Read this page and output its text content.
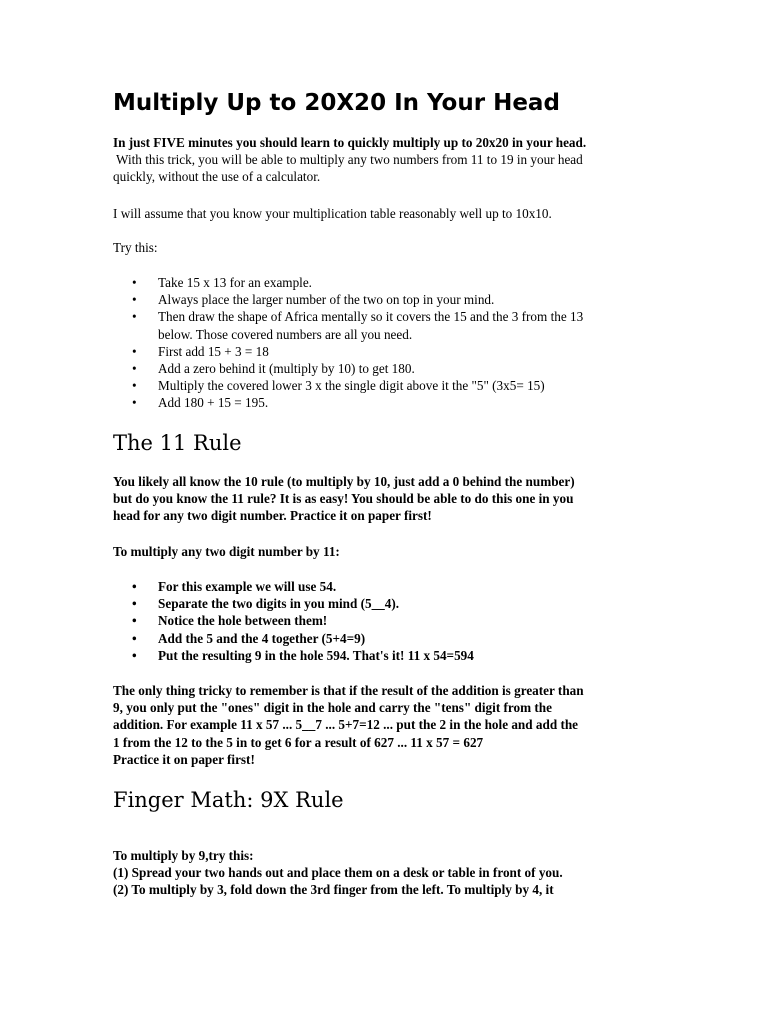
Multiply Up to 20X20 In Your Head

In just FIVE minutes you should learn to quickly multiply up to 20x20 in your head.
With this trick, you will be able to multiply any two numbers from 11 to 19 in your head
quickly, without the use of a calculator.

I will assume that you know your multiplication table reasonably well up to 10x10.

Try this:

• Take 15 x 13 for an example.
• Always place the larger number of the two on top in your mind.
• Then draw the shape of Africa mentally so it covers the 15 and the 3 from the 13
below. Those covered numbers are all you need.
• First add 15 + 3 = 18
• Add a zero behind it (multiply by 10) to get 180.
• Multiply the covered lower 3 x the single digit above it the "5" (3x5= 15)
• Add 180 + 15 = 195.
The 11 Rule

You likely all know the 10 rule (to multiply by 10, just add a 0 behind the number)
but do you know the 11 rule? It is as easy! You should be able to do this one in you
head for any two digit number. Practice it on paper first!

To multiply any two digit number by 11:

• For this example we will use 54.
• Separate the two digits in you mind (5__4).
• Notice the hole between them!
• Add the 5 and the 4 together (5+4=9)
• Put the resulting 9 in the hole 594. That's it! 11 x 54=594

The only thing tricky to remember is that if the result of the addition is greater than
9, you only put the "ones" digit in the hole and carry the "tens" digit from the
addition. For example 11 x 57 ... 5__7 ... 5+7=12 ... put the 2 in the hole and add the
1 from the 12 to the 5 in to get 6 for a result of 627 ... 11 x 57 = 627
Practice it on paper first!

Finger Math: 9X Rule

To multiply by 9,try this:
(1) Spread your two hands out and place them on a desk or table in front of you.
(2) To multiply by 3, fold down the 3rd finger from the left. To multiply by 4, it
